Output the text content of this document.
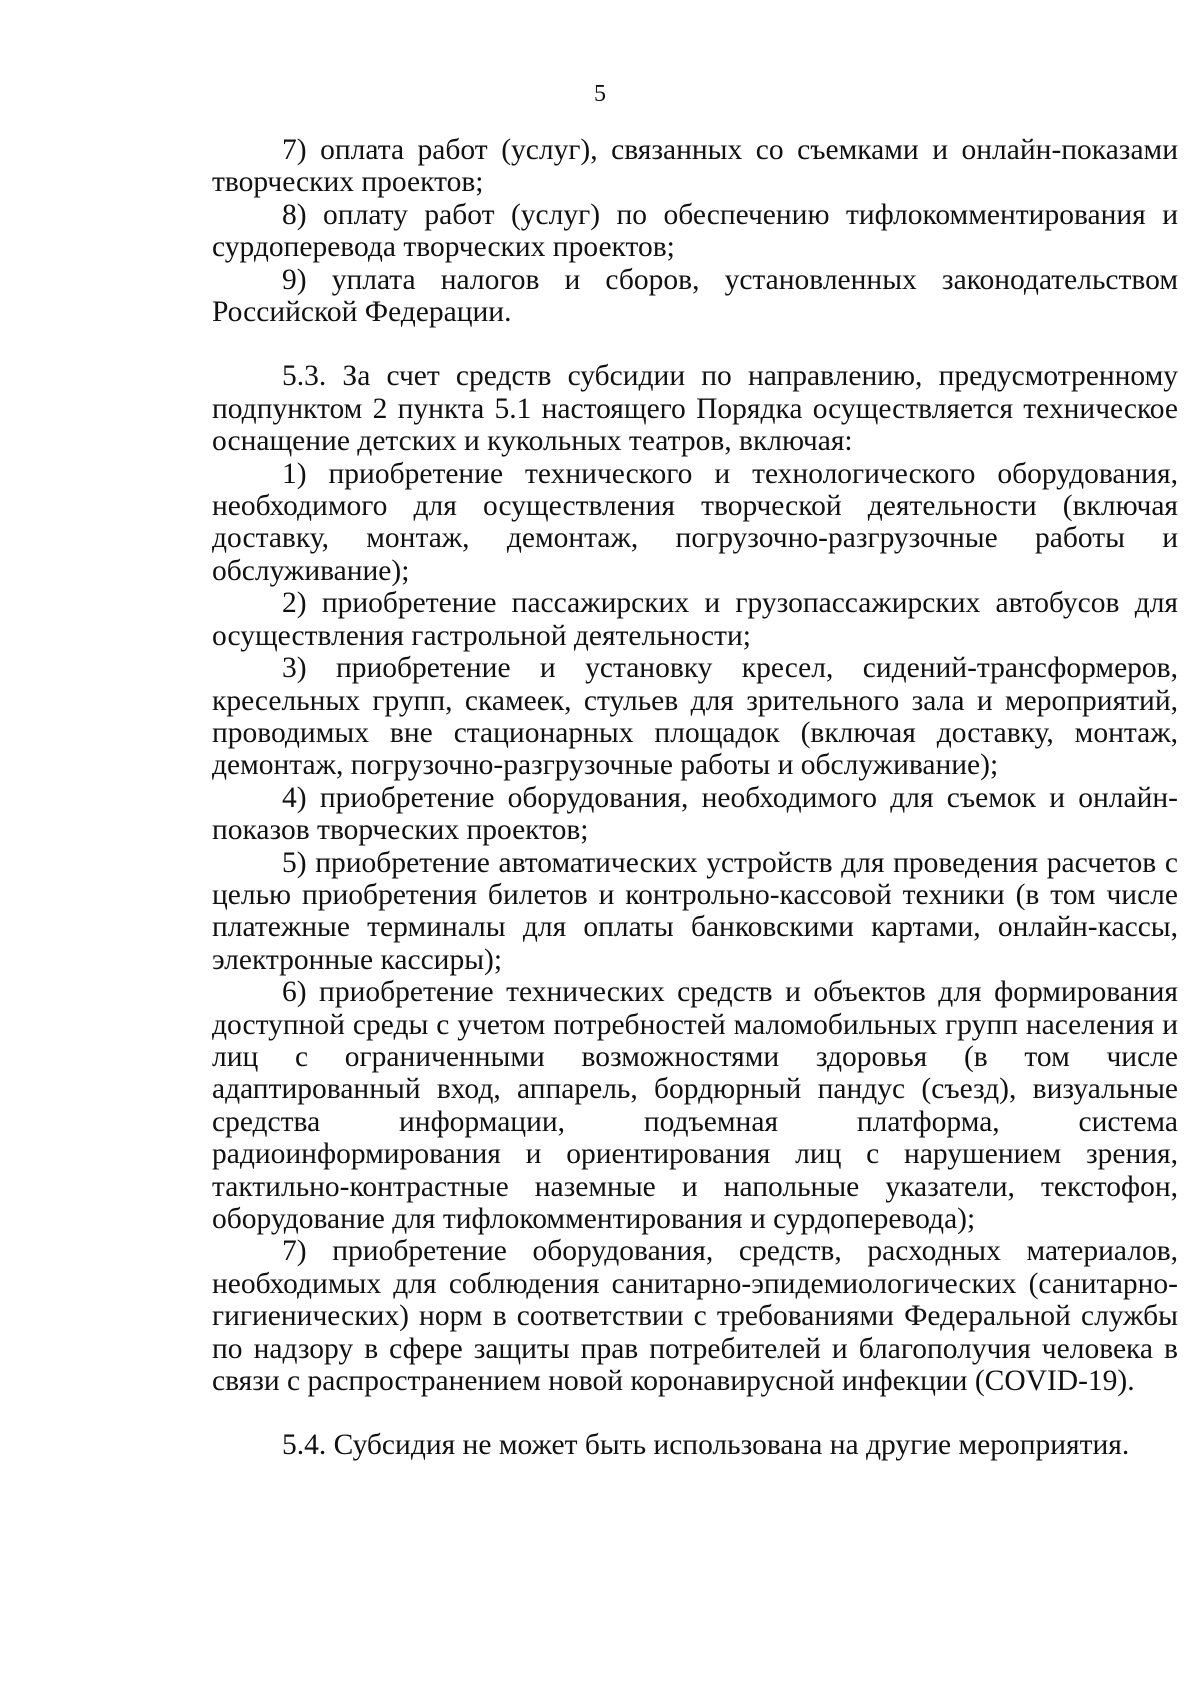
5

7) оплата работ (услуг), связанных со съемками и онлайн-показами творческих проектов;

8) оплату работ (услуг) по обеспечению тифлокомментирования и сурдоперевода творческих проектов;

9) уплата налогов и сборов, установленных законодательством Российской Федерации.

5.3. За счет средств субсидии по направлению, предусмотренному подпунктом 2 пункта 5.1 настоящего Порядка осуществляется техническое оснащение детских и кукольных театров, включая:

1) приобретение технического и технологического оборудования, необходимого для осуществления творческой деятельности (включая доставку, монтаж, демонтаж, погрузочно-разгрузочные работы и обслуживание);

2) приобретение пассажирских и грузопассажирских автобусов для осуществления гастрольной деятельности;

3) приобретение и установку кресел, сидений-трансформеров, кресельных групп, скамеек, стульев для зрительного зала и мероприятий, проводимых вне стационарных площадок (включая доставку, монтаж, демонтаж, погрузочно-разгрузочные работы и обслуживание);

4) приобретение оборудования, необходимого для съемок и онлайн-показов творческих проектов;

5) приобретение автоматических устройств для проведения расчетов с целью приобретения билетов и контрольно-кассовой техники (в том числе платежные терминалы для оплаты банковскими картами, онлайн-кассы, электронные кассиры);

6) приобретение технических средств и объектов для формирования доступной среды с учетом потребностей маломобильных групп населения и лиц с ограниченными возможностями здоровья (в том числе адаптированный вход, аппарель, бордюрный пандус (съезд), визуальные средства информации, подъемная платформа, система радиоинформирования и ориентирования лиц с нарушением зрения, тактильно-контрастные наземные и напольные указатели, текстофон, оборудование для тифлокомментирования и сурдоперевода);

7) приобретение оборудования, средств, расходных материалов, необходимых для соблюдения санитарно-эпидемиологических (санитарно-гигиенических) норм в соответствии с требованиями Федеральной службы по надзору в сфере защиты прав потребителей и благополучия человека в связи с распространением новой коронавирусной инфекции (COVID-19).

5.4. Субсидия не может быть использована на другие мероприятия.
